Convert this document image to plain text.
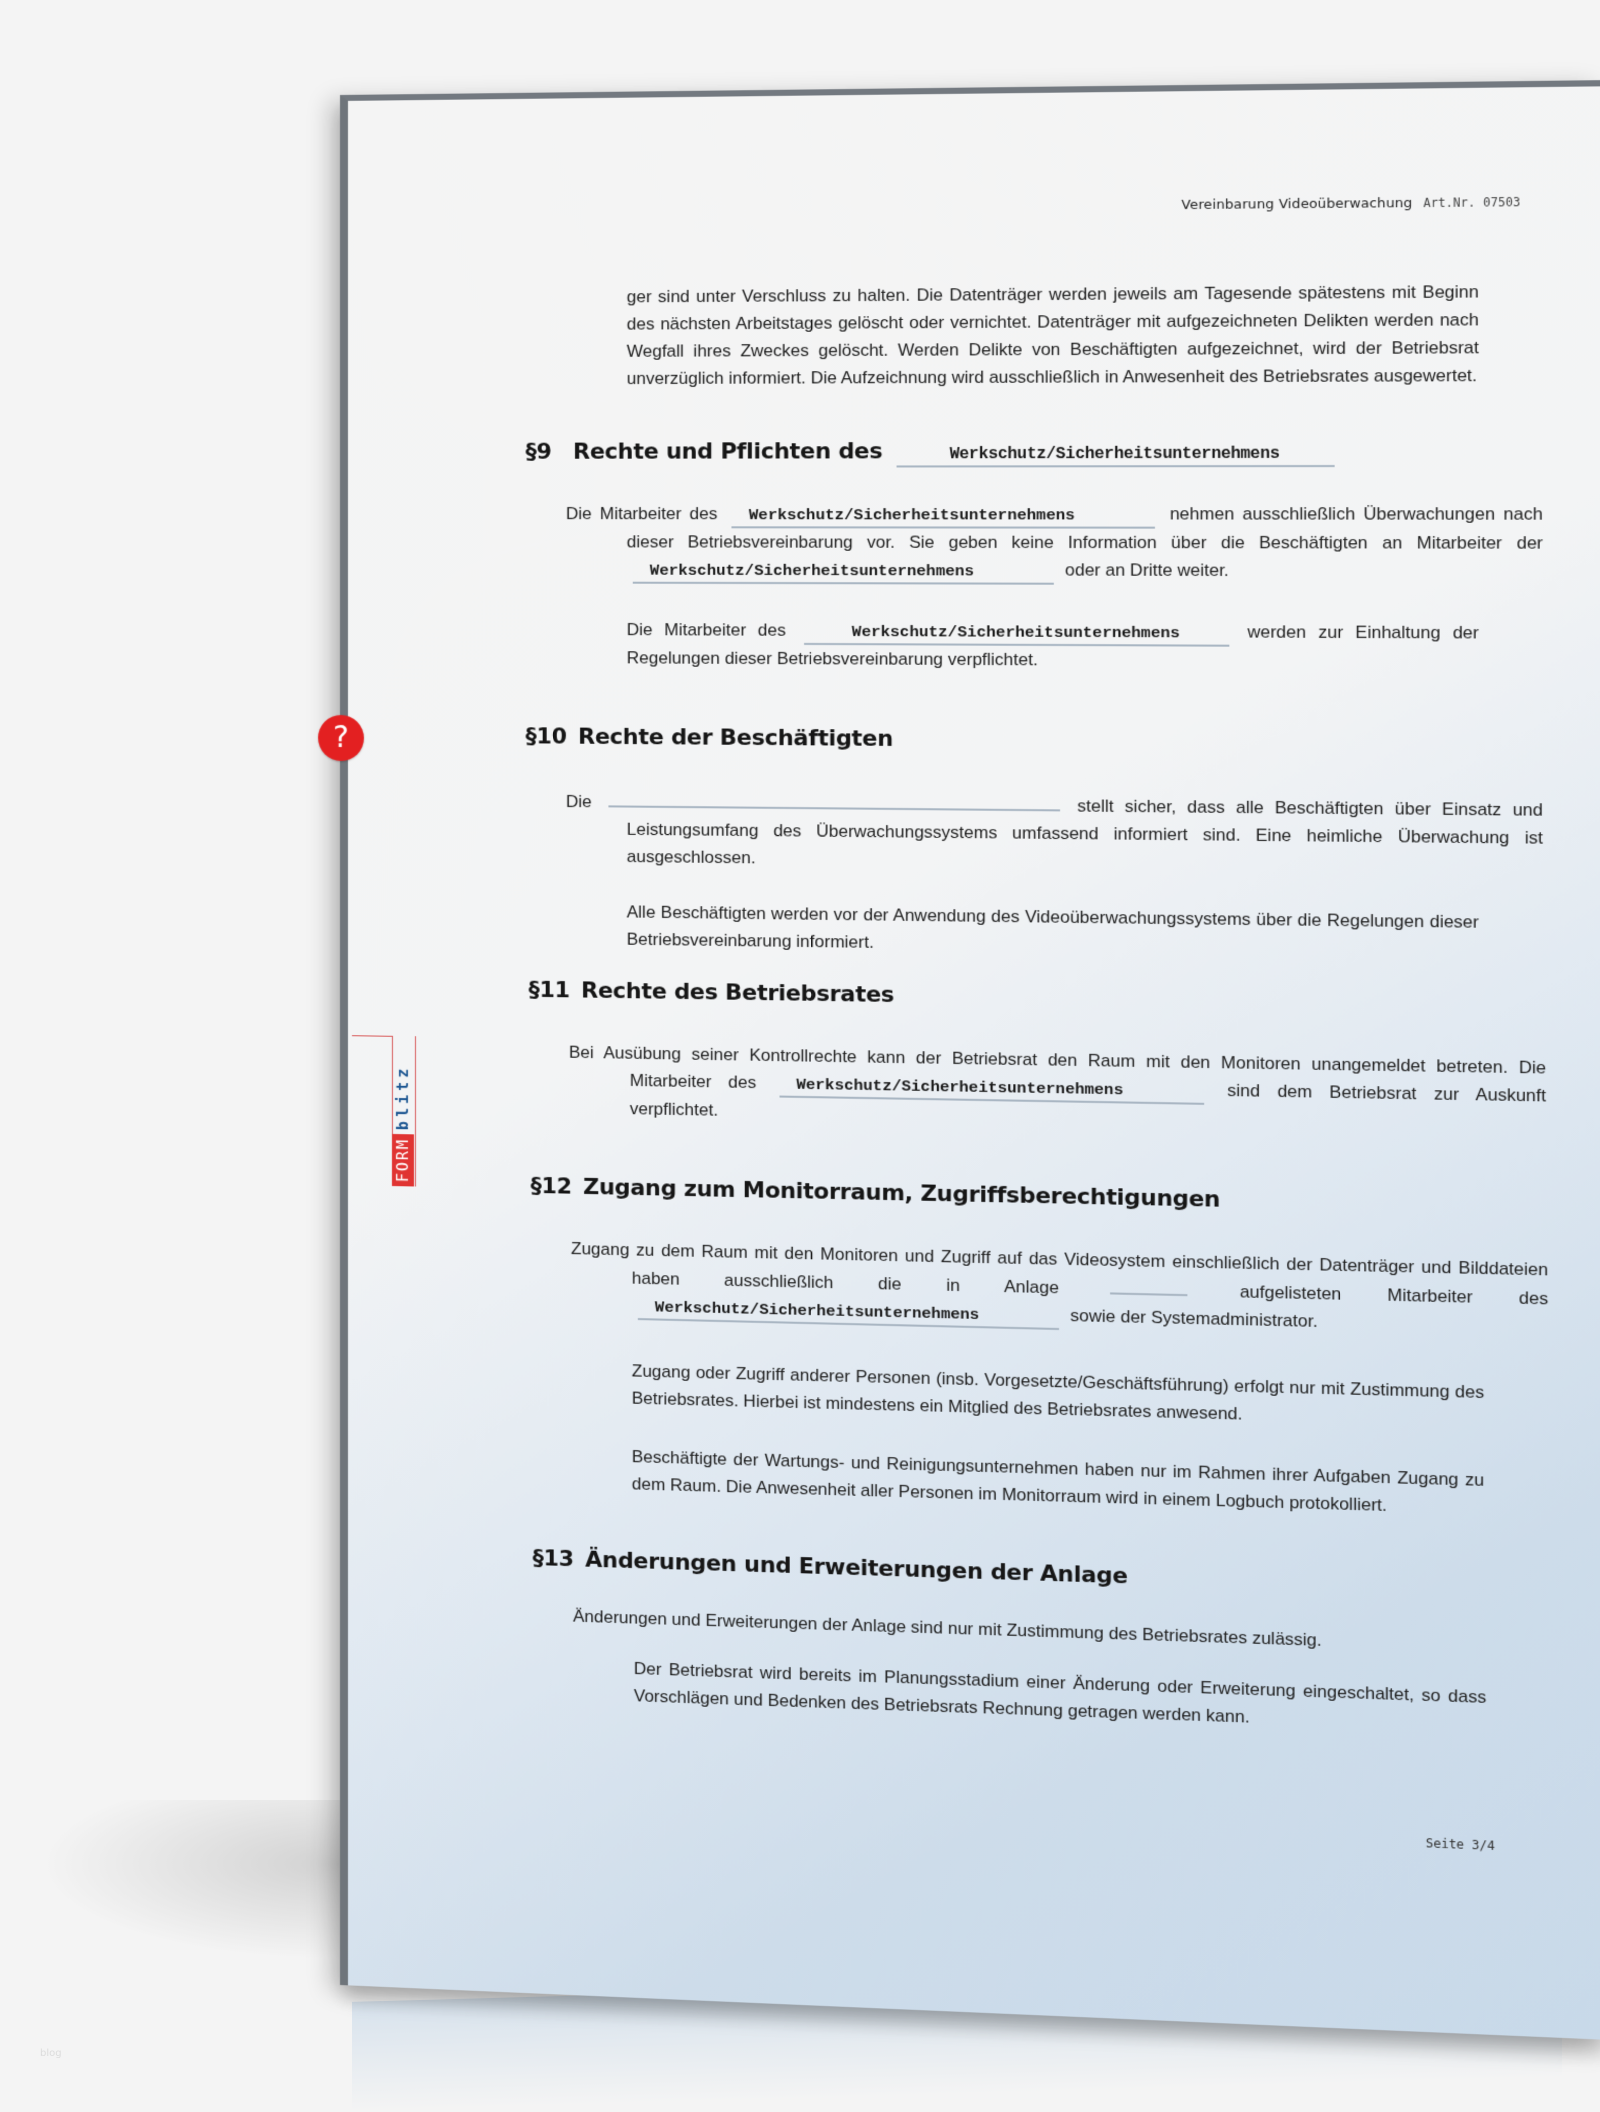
Vereinbarung Videoüberwachung Art.Nr. 07503
ger sind unter Verschluss zu halten. Die Datenträger werden jeweils am Tagesende spätestens mit Beginn des nächsten Arbeitstages gelöscht oder vernichtet. Datenträger mit aufgezeichneten Delikten werden nach Wegfall ihres Zweckes gelöscht. Werden Delikte von Beschäftigten aufgezeichnet, wird der Betriebsrat unverzüglich informiert. Die Aufzeichnung wird ausschließlich in Anwesenheit des Betriebsrates ausgewertet.
§9 Rechte und Pflichten des	Werkschutz/Sicherheitsunternehmens
Die Mitarbeiter des Werkschutz/Sicherheitsunternehmens	nehmen ausschließlich Überwachungen nach dieser Betriebsvereinbarung vor. Sie geben keine Information über die Beschäftigten an Mitarbeiter der Werkschutz/Sicherheitsunternehmens	oder an Dritte weiter.
Die Mitarbeiter des	Werkschutz/Sicherheitsunternehmens	werden zur Einhaltung der Regelungen dieser Betriebsvereinbarung verpflichtet.
?	§10 Rechte der Beschäftigten
Die	stellt sicher, dass alle Beschäftigten über Einsatz und Leistungsumfang des Überwachungssystems umfassend informiert sind. Eine heimliche Überwachung ist ausgeschlossen.
Alle Beschäftigten werden vor der Anwendung des Videoüberwachungssystems über die Regelungen dieser Betriebsvereinbarung informiert.
§11 Rechte des Betriebsrates
Bei Ausübung seiner Kontrollrechte kann der Betriebsrat den Raum mit den Monitoren unangemeldet betreten. Die Mitarbeiter des	Werkschutz/Sicherheitsunternehmens	sind dem Betriebsrat zur Auskunft verpflichtet.
§12 Zugang zum Monitorraum, Zugriffsberechtigungen
Zugang zu dem Raum mit den Monitoren und Zugriff auf das Videosystem einschließlich der Datenträger und Bilddateien haben ausschließlich die in Anlage	aufgelisteten Mitarbeiter des Werkschutz/Sicherheitsunternehmens	sowie der Systemadministrator.
Zugang oder Zugriff anderer Personen (insb. Vorgesetzte/Geschäftsführung) erfolgt nur mit Zustimmung des Betriebsrates. Hierbei ist mindestens ein Mitglied des Betriebsrates anwesend.
Beschäftigte der Wartungs- und Reinigungsunternehmen haben nur im Rahmen ihrer Aufgaben Zugang zu dem Raum. Die Anwesenheit aller Personen im Monitorraum wird in einem Logbuch protokolliert.
§13 Änderungen und Erweiterungen der Anlage
Änderungen und Erweiterungen der Anlage sind nur mit Zustimmung des Betriebsrates zulässig.
Der Betriebsrat wird bereits im Planungsstadium einer Änderung oder Erweiterung eingeschaltet, so dass Vorschlägen und Bedenken des Betriebsrats Rechnung getragen werden kann.
Seite 3/4
FORM
blitz
blog
